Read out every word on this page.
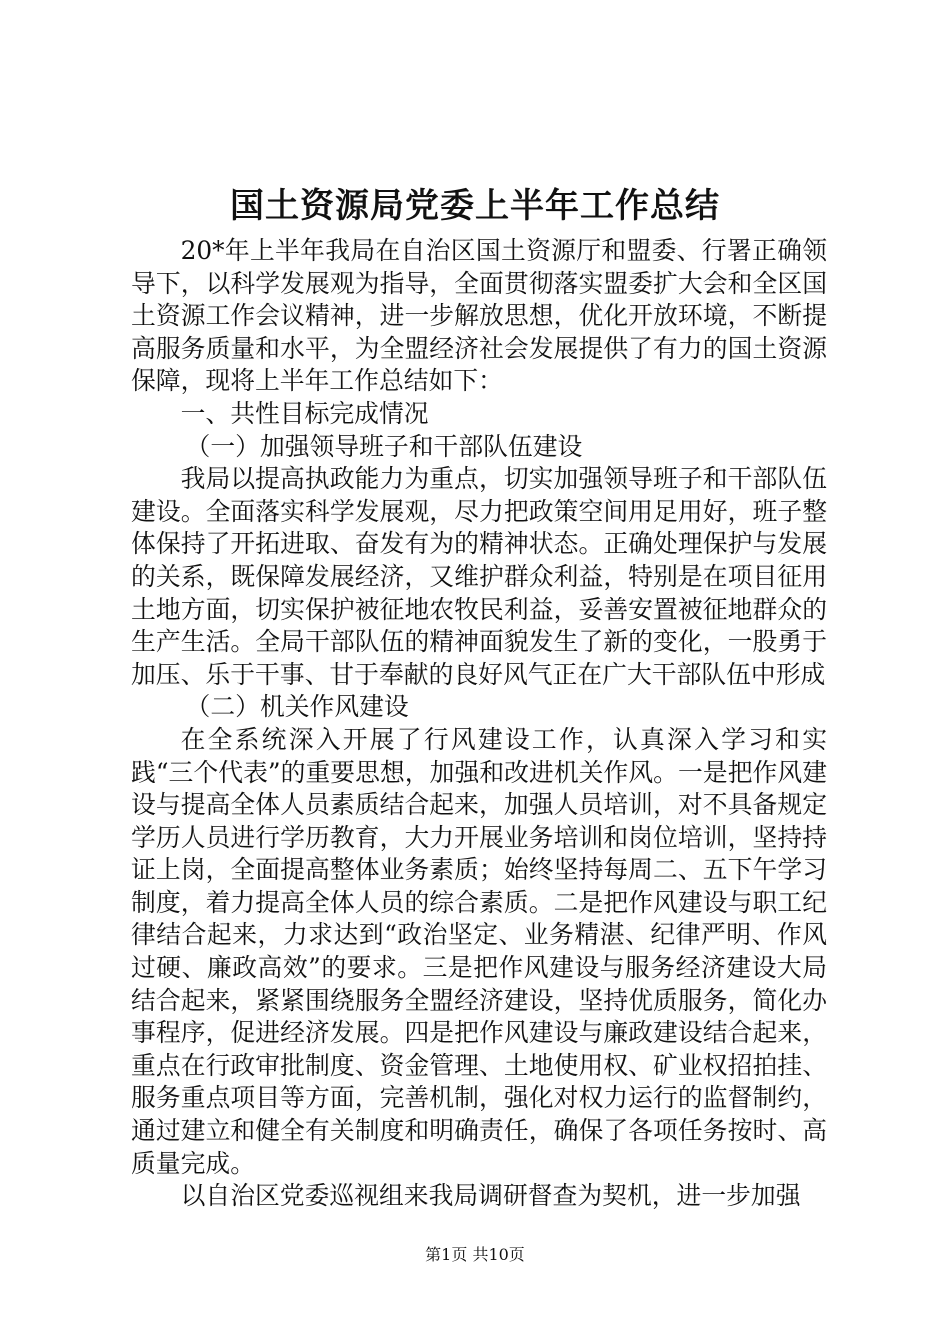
国土资源局党委上半年工作总结

20*年上半年我局在自治区国土资源厅和盟委、行署正确领导下，以科学发展观为指导，全面贯彻落实盟委扩大会和全区国土资源工作会议精神，进一步解放思想，优化开放环境，不断提高服务质量和水平，为全盟经济社会发展提供了有力的国土资源保障，现将上半年工作总结如下：

一、共性目标完成情况

（一）加强领导班子和干部队伍建设

我局以提高执政能力为重点，切实加强领导班子和干部队伍建设。全面落实科学发展观，尽力把政策空间用足用好，班子整体保持了开拓进取、奋发有为的精神状态。正确处理保护与发展的关系，既保障发展经济，又维护群众利益，特别是在项目征用土地方面，切实保护被征地农牧民利益，妥善安置被征地群众的生产生活。全局干部队伍的精神面貌发生了新的变化，一股勇于加压、乐于干事、甘于奉献的良好风气正在广大干部队伍中形成

（二）机关作风建设

在全系统深入开展了行风建设工作，认真深入学习和实践“三个代表”的重要思想，加强和改进机关作风。一是把作风建设与提高全体人员素质结合起来，加强人员培训，对不具备规定学历人员进行学历教育，大力开展业务培训和岗位培训，坚持持证上岗，全面提高整体业务素质；始终坚持每周二、五下午学习制度，着力提高全体人员的综合素质。二是把作风建设与职工纪律结合起来，力求达到“政治坚定、业务精湛、纪律严明、作风过硬、廉政高效”的要求。三是把作风建设与服务经济建设大局结合起来，紧紧围绕服务全盟经济建设，坚持优质服务，简化办事程序，促进经济发展。四是把作风建设与廉政建设结合起来，重点在行政审批制度、资金管理、土地使用权、矿业权招拍挂、服务重点项目等方面，完善机制，强化对权力运行的监督制约，通过建立和健全有关制度和明确责任，确保了各项任务按时、高质量完成。

以自治区党委巡视组来我局调研督查为契机，进一步加强

第1页 共10页
